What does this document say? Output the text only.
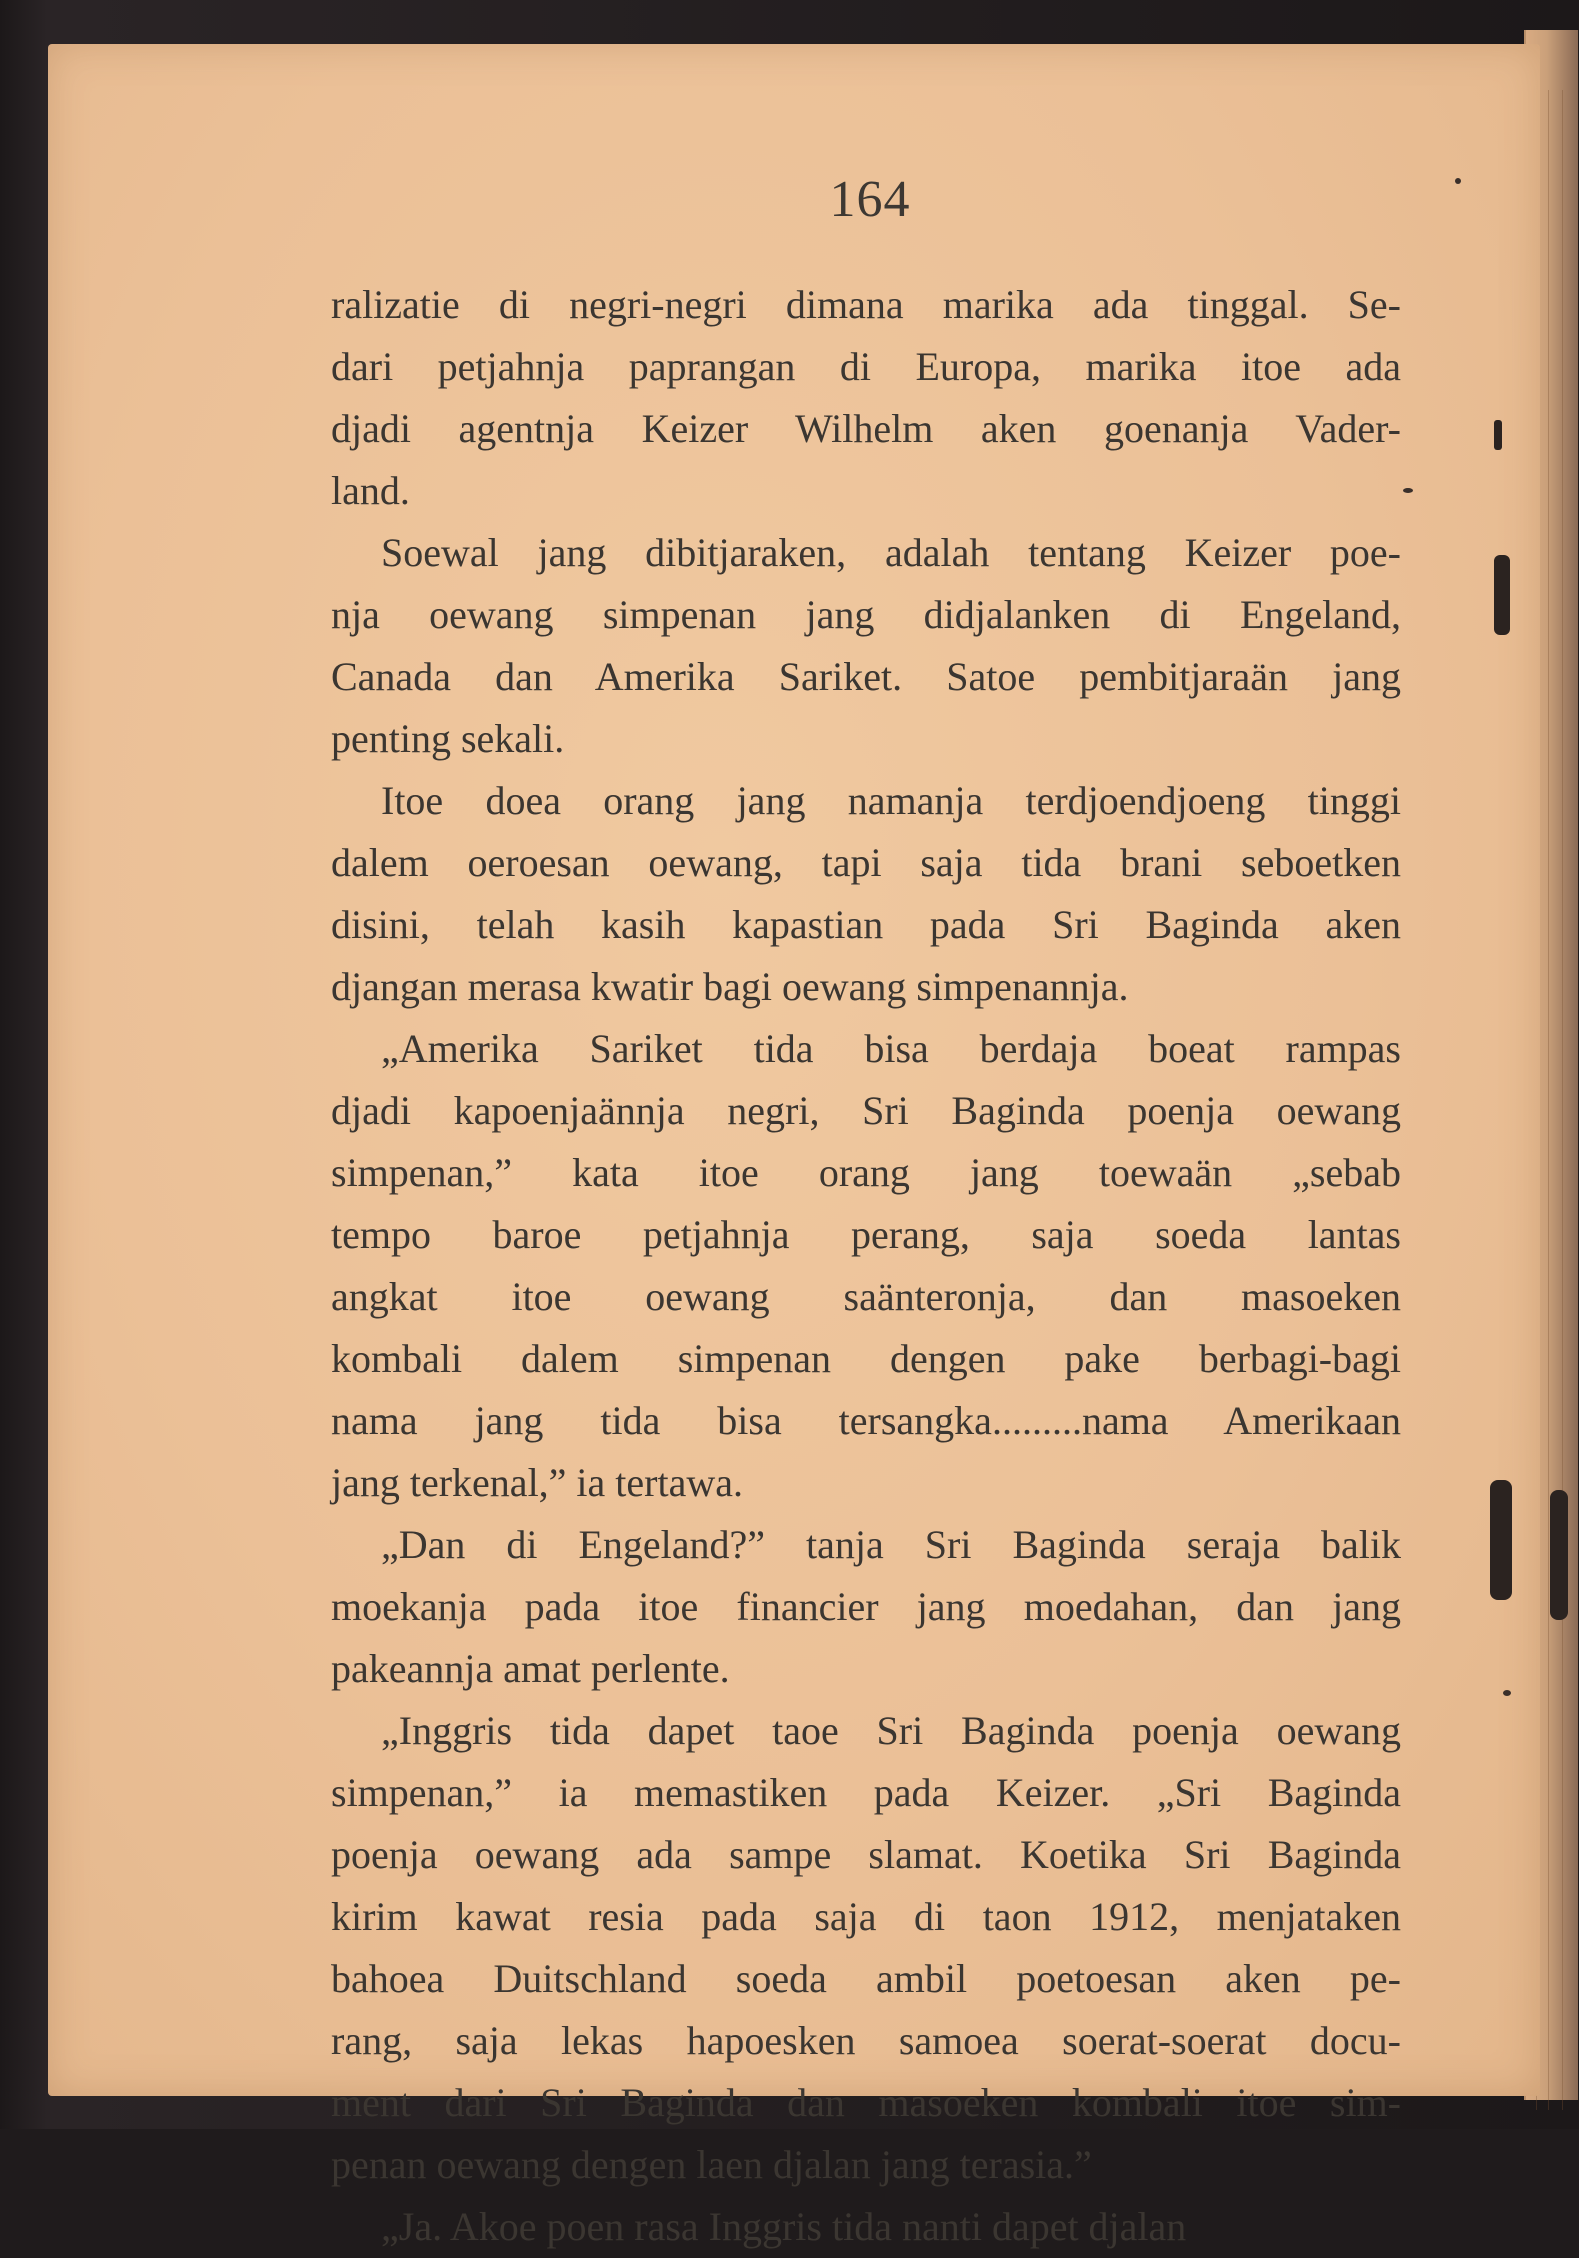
164
ralizatie di negri-negri dimana marika ada tinggal. Se-
dari petjahnja paprangan di Europa, marika itoe ada
djadi agentnja Keizer Wilhelm aken goenanja Vader-
land.
Soewal jang dibitjaraken, adalah tentang Keizer poe-
nja oewang simpenan jang didjalanken di Engeland,
Canada dan Amerika Sariket. Satoe pembitjaraän jang
penting sekali.
Itoe doea orang jang namanja terdjoendjoeng tinggi
dalem oeroesan oewang, tapi saja tida brani seboetken
disini, telah kasih kapastian pada Sri Baginda aken
djangan merasa kwatir bagi oewang simpenannja.
„Amerika Sariket tida bisa berdaja boeat rampas
djadi kapoenjaännja negri, Sri Baginda poenja oewang
simpenan,” kata itoe orang jang toewaän „sebab
tempo baroe petjahnja perang, saja soeda lantas
angkat itoe oewang saänteronja, dan masoeken
kombali dalem simpenan dengen pake berbagi-bagi
nama jang tida bisa tersangka.........nama Amerikaan
jang terkenal,” ia tertawa.
„Dan di Engeland?” tanja Sri Baginda seraja balik
moekanja pada itoe financier jang moedahan, dan jang
pakeannja amat perlente.
„Inggris tida dapet taoe Sri Baginda poenja oewang
simpenan,” ia memastiken pada Keizer. „Sri Baginda
poenja oewang ada sampe slamat. Koetika Sri Baginda
kirim kawat resia pada saja di taon 1912, menjataken
bahoea Duitschland soeda ambil poetoesan aken pe-
rang, saja lekas hapoesken samoea soerat-soerat docu-
ment dari Sri Baginda dan masoeken kombali itoe sim-
penan oewang dengen laen djalan jang terasia.”
„Ja. Akoe poen rasa Inggris tida nanti dapet djalan
